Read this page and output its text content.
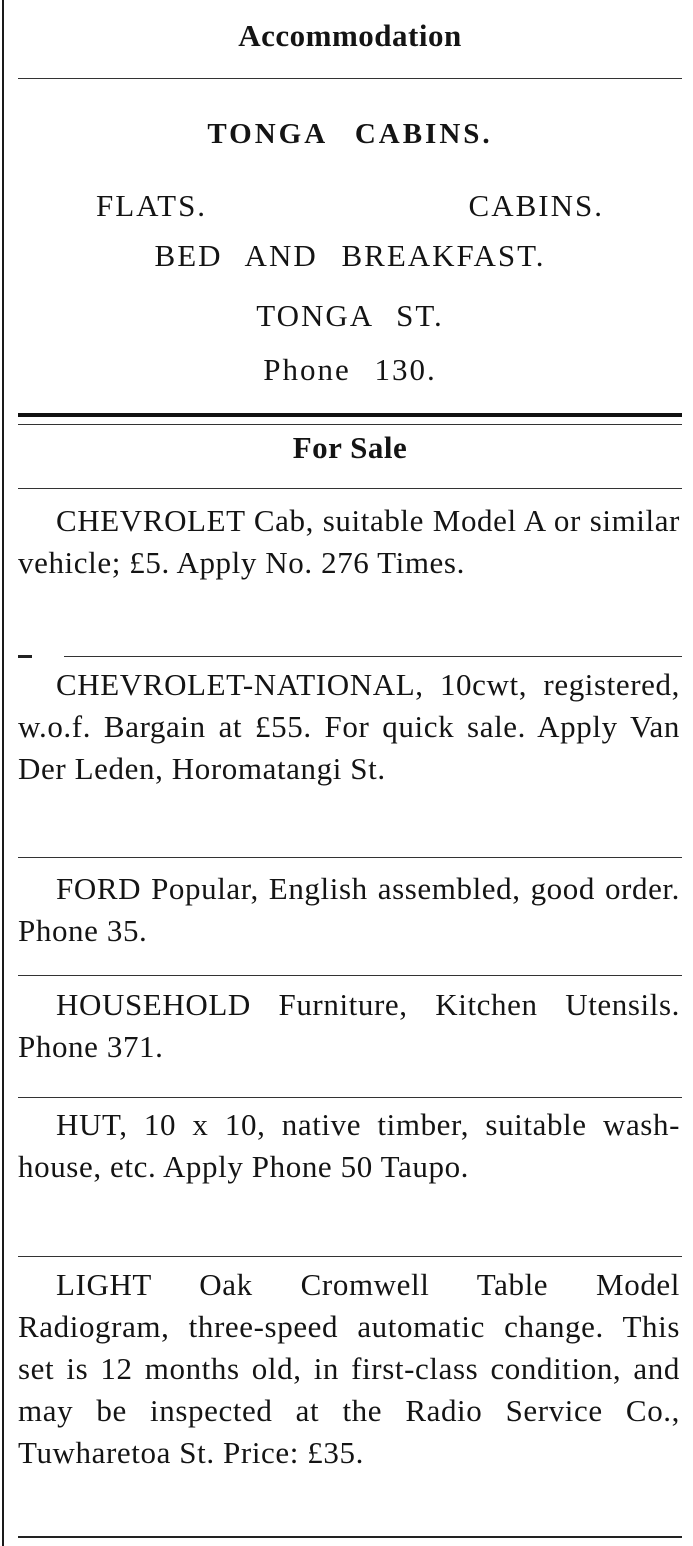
Accommodation
TONGA CABINS.
FLATS.	CABINS.
BED AND BREAKFAST.
TONGA ST.
Phone 130.
For Sale

CHEVROLET Cab, suitable Model A or similar vehicle; £5. Apply No. 276 Times.

CHEVROLET-NATIONAL, 10cwt, registered, w.o.f. Bargain at £55. For quick sale. Apply Van Der Leden, Horomatangi St.

FORD Popular, English assembled, good order. Phone 35.

HOUSEHOLD Furniture, Kitchen Utensils. Phone 371.

HUT, 10 x 10, native timber, suitable wash-house, etc. Apply Phone 50 Taupo.

LIGHT Oak Cromwell Table Model Radiogram, three-speed automatic change. This set is 12 months old, in first-class condition, and may be inspected at the Radio Service Co., Tuwharetoa St. Price: £35.
